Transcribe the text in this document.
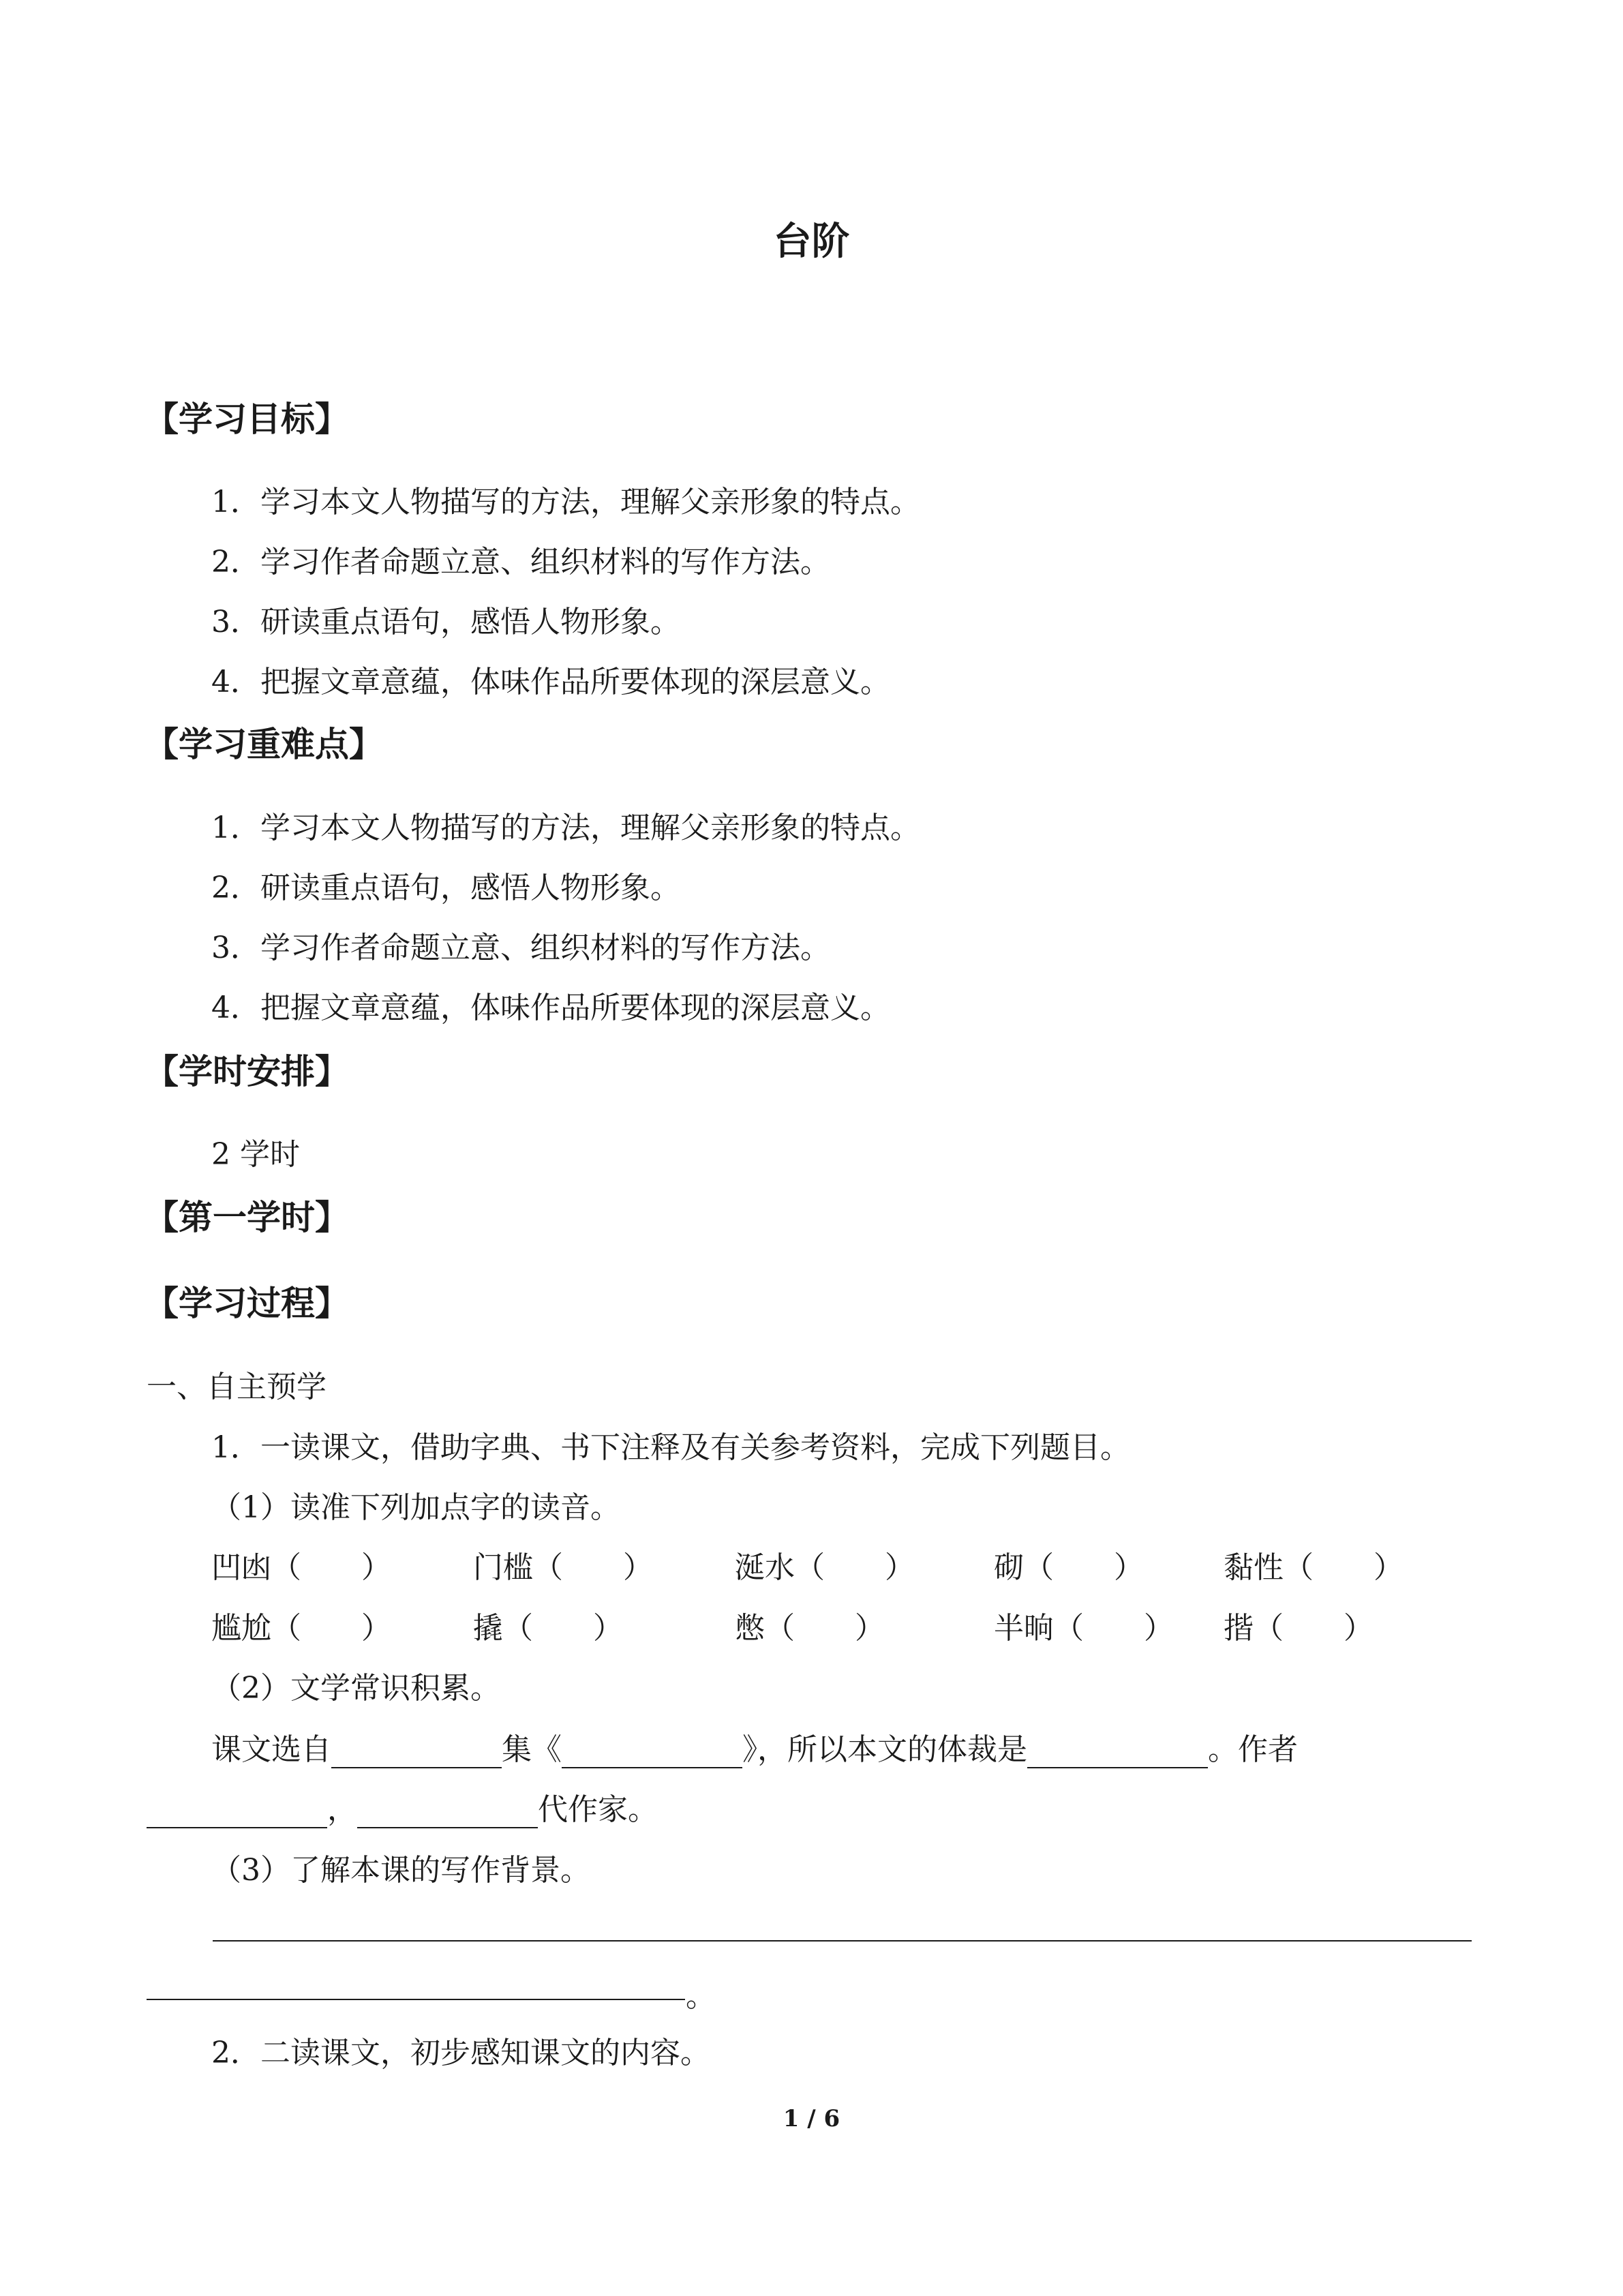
台阶
【学习目标】
1．学习本文人物描写的方法，理解父亲形象的特点。
2．学习作者命题立意、组织材料的写作方法。
3．研读重点语句，感悟人物形象。
4．把握文章意蕴，体味作品所要体现的深层意义。
【学习重难点】
1．学习本文人物描写的方法，理解父亲形象的特点。
2．研读重点语句，感悟人物形象。
3．学习作者命题立意、组织材料的写作方法。
4．把握文章意蕴，体味作品所要体现的深层意义。
【学时安排】
2 学时
【第一学时】
【学习过程】
一、自主预学
1．一读课文，借助字典、书下注释及有关参考资料，完成下列题目。
（1）读准下列加点字的读音。
凹凼（　　）	门槛（　　）	涎水（　　）	砌（　　）	黏性（　　）
尴尬（　　）	撬（　　）	憋（　　）	半晌（　　）	揩（　　）
（2）文学常识积累。
课文选自	集《	》，所以本文的体裁是	。作者
，	代作家。
（3）了解本课的写作背景。
。
2．二读课文，初步感知课文的内容。
1 / 6
